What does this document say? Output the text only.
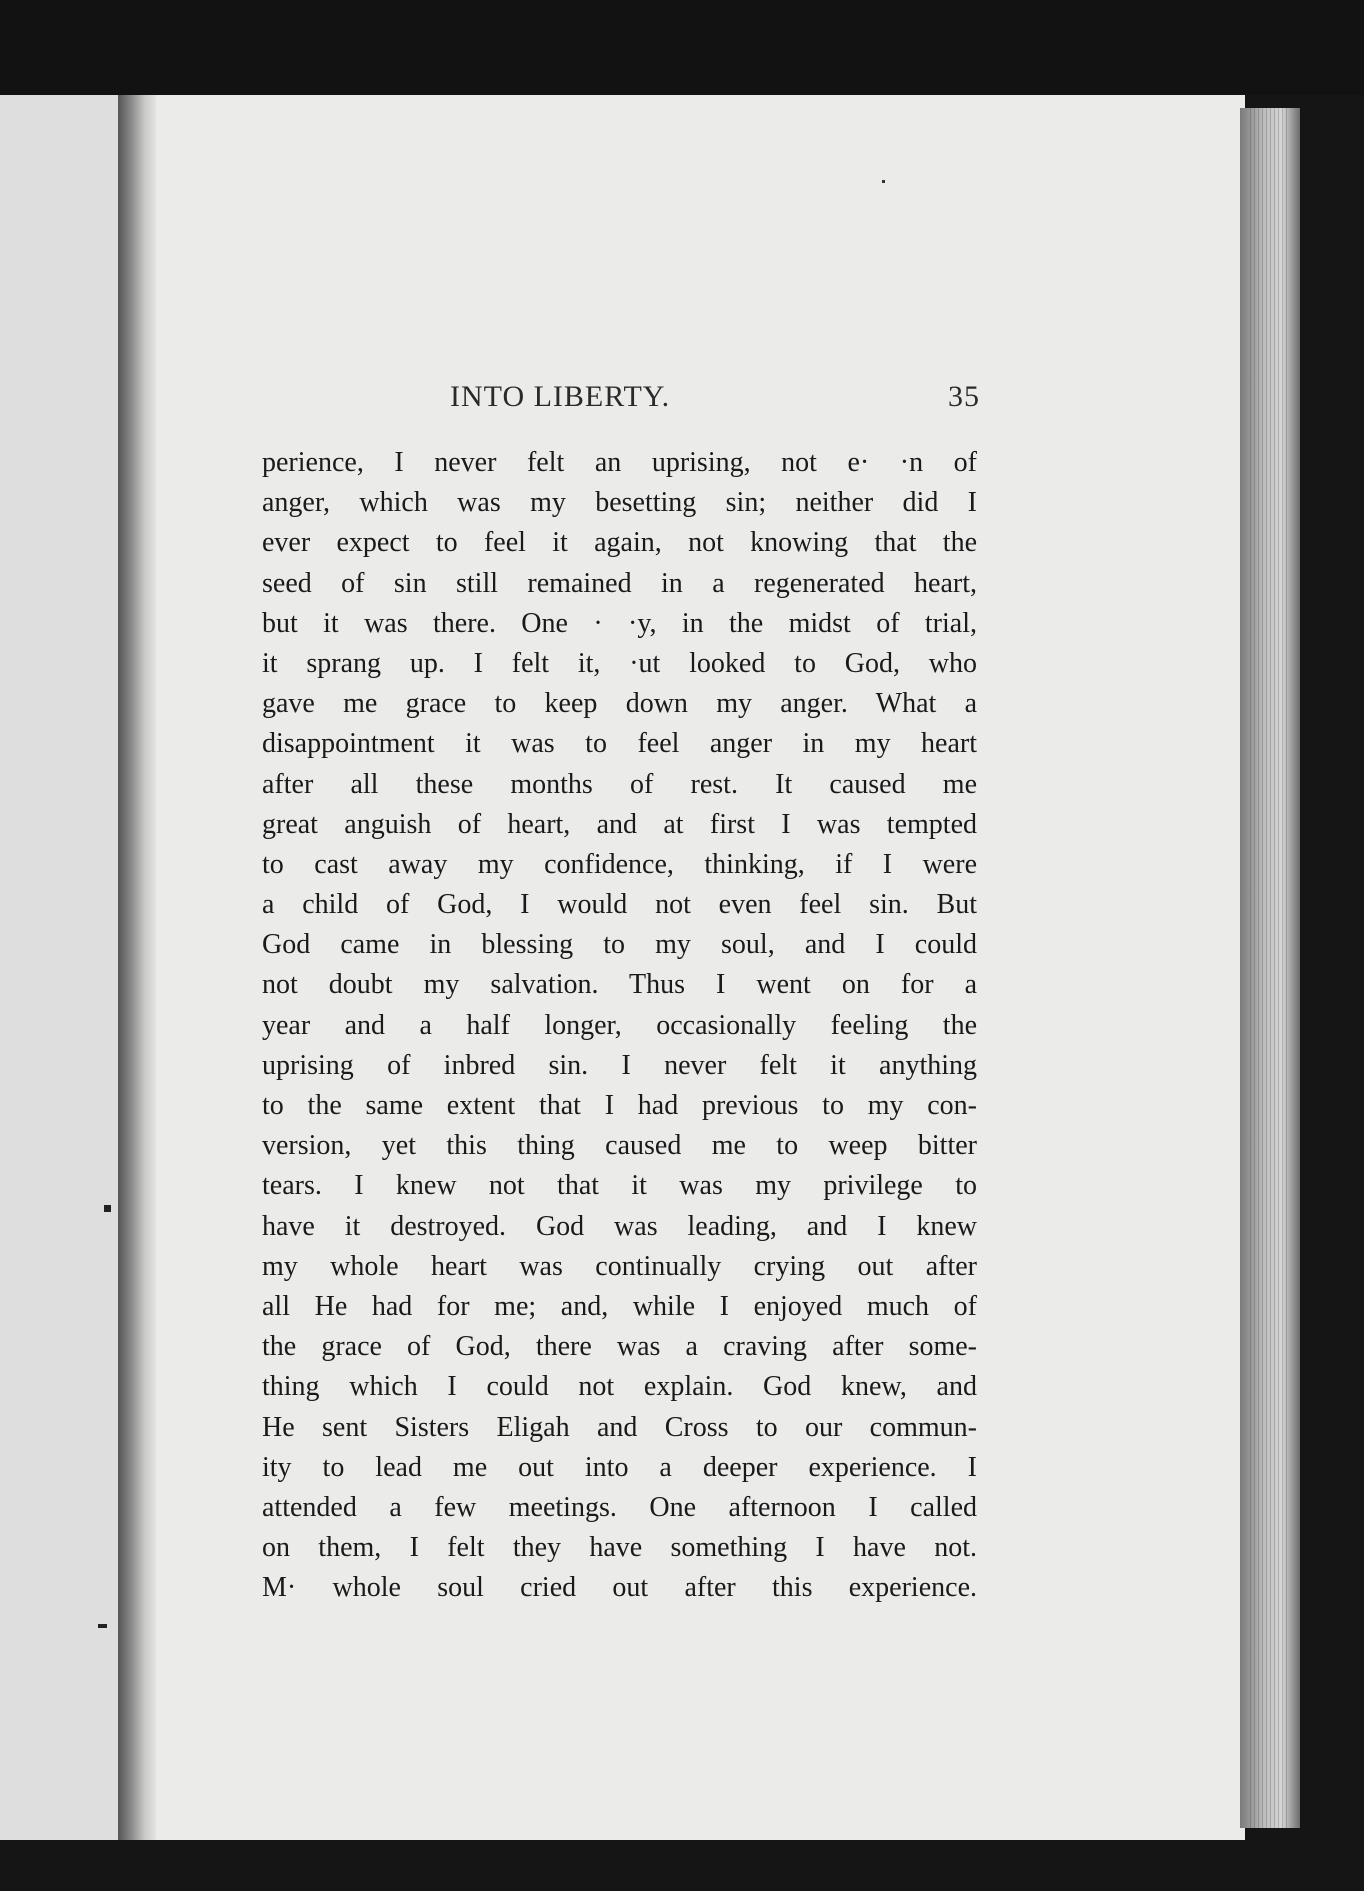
INTO LIBERTY.	35
perience, I never felt an uprising, not e· ·n of
anger, which was my besetting sin; neither did I
ever expect to feel it again, not knowing that the
seed of sin still remained in a regenerated heart,
but it was there. One · ·y, in the midst of trial,
it sprang up. I felt it, ·ut looked to God, who
gave me grace to keep down my anger. What a
disappointment it was to feel anger in my heart
after all these months of rest. It caused me
great anguish of heart, and at first I was tempted
to cast away my confidence, thinking, if I were
a child of God, I would not even feel sin. But
God came in blessing to my soul, and I could
not doubt my salvation. Thus I went on for a
year and a half longer, occasionally feeling the
uprising of inbred sin. I never felt it anything
to the same extent that I had previous to my con-
version, yet this thing caused me to weep bitter
tears. I knew not that it was my privilege to
have it destroyed. God was leading, and I knew
my whole heart was continually crying out after
all He had for me; and, while I enjoyed much of
the grace of God, there was a craving after some-
thing which I could not explain. God knew, and
He sent Sisters Eligah and Cross to our commun-
ity to lead me out into a deeper experience. I
attended a few meetings. One afternoon I called
on them, I felt they have something I have not.
M· whole soul cried out after this experience.
